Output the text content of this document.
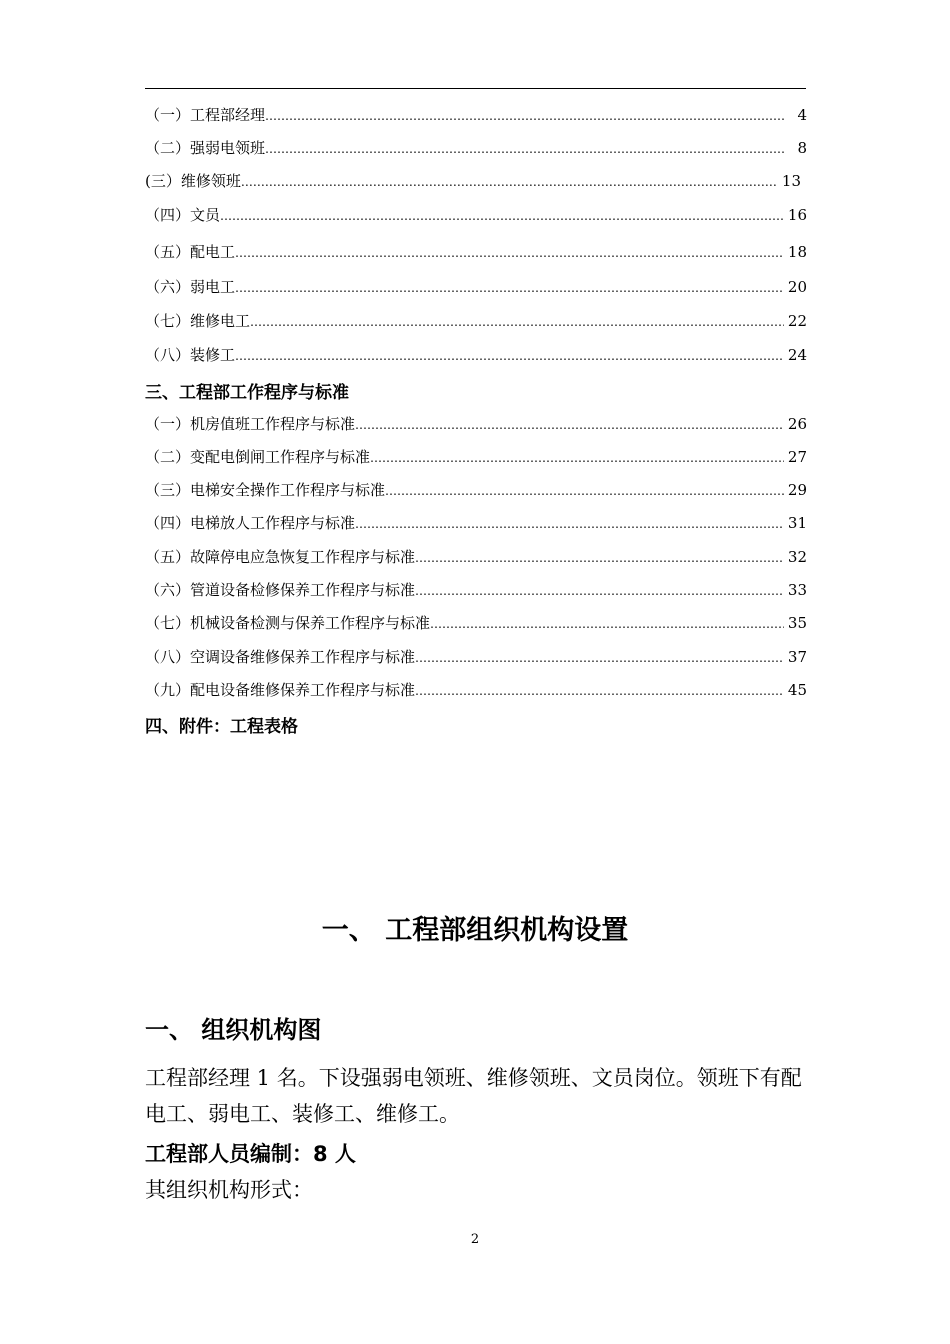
（一）工程部经理 …………………………………………………………………………………………………………………………………………………………………………	4
（二）强弱电领班 …………………………………………………………………………………………………………………………………………………………………………	8
(三）维修领班 …………………………………………………………………………………………………………………………………………………………………………	13
（四）文员 …………………………………………………………………………………………………………………………………………………………………………	16
（五）配电工 …………………………………………………………………………………………………………………………………………………………………………	18
（六）弱电工 …………………………………………………………………………………………………………………………………………………………………………	20
（七）维修电工 …………………………………………………………………………………………………………………………………………………………………………	22
（八）装修工 …………………………………………………………………………………………………………………………………………………………………………	24
三、工程部工作程序与标准
（一）机房值班工作程序与标准 …………………………………………………………………………………………………………………………………………………………………………	26
（二）变配电倒闸工作程序与标准 …………………………………………………………………………………………………………………………………………………………………………	27
（三）电梯安全操作工作程序与标准 …………………………………………………………………………………………………………………………………………………………………………	29
（四）电梯放人工作程序与标准 …………………………………………………………………………………………………………………………………………………………………………	31
（五）故障停电应急恢复工作程序与标准 …………………………………………………………………………………………………………………………………………………………………………	32
（六）管道设备检修保养工作程序与标准 …………………………………………………………………………………………………………………………………………………………………………	33
（七）机械设备检测与保养工作程序与标准 …………………………………………………………………………………………………………………………………………………………………………	35
（八）空调设备维修保养工作程序与标准 …………………………………………………………………………………………………………………………………………………………………………	37
（九）配电设备维修保养工作程序与标准 …………………………………………………………………………………………………………………………………………………………………………	45
四、附件：工程表格
一、 工程部组织机构设置
一、 组织机构图
工程部经理 1 名。下设强弱电领班、维修领班、文员岗位。领班下有配电工、弱电工、装修工、维修工。
工程部人员编制：8 人
其组织机构形式：
2
